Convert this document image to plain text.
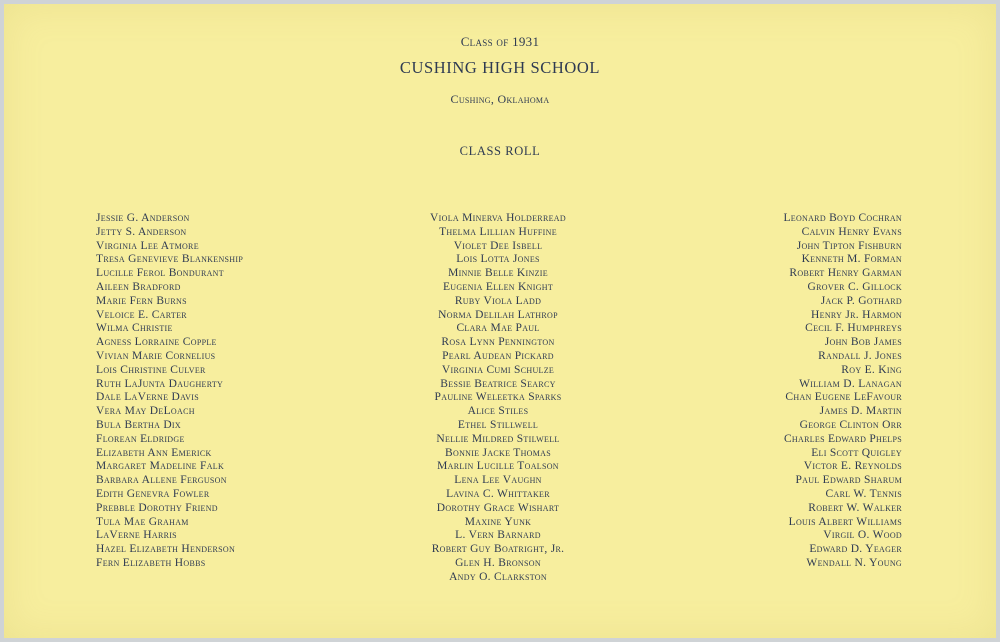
Class of 1931
CUSHING HIGH SCHOOL
Cushing, Oklahoma
CLASS ROLL
Jessie G. Anderson
Jetty S. Anderson
Virginia Lee Atmore
Tresa Genevieve Blankenship
Lucille Ferol Bondurant
Aileen Bradford
Marie Fern Burns
Veloice E. Carter
Wilma Christie
Agness Lorraine Copple
Vivian Marie Cornelius
Lois Christine Culver
Ruth LaJunta Daugherty
Dale LaVerne Davis
Vera May DeLoach
Bula Bertha Dix
Florean Eldridge
Elizabeth Ann Emerick
Margaret Madeline Falk
Barbara Allene Ferguson
Edith Genevra Fowler
Prebble Dorothy Friend
Tula Mae Graham
LaVerne Harris
Hazel Elizabeth Henderson
Fern Elizabeth Hobbs
Viola Minerva Holderread
Thelma Lillian Huffine
Violet Dee Isbell
Lois Lotta Jones
Minnie Belle Kinzie
Eugenia Ellen Knight
Ruby Viola Ladd
Norma Delilah Lathrop
Clara Mae Paul
Rosa Lynn Pennington
Pearl Audean Pickard
Virginia Cumi Schulze
Bessie Beatrice Searcy
Pauline Weleetka Sparks
Alice Stiles
Ethel Stillwell
Nellie Mildred Stilwell
Bonnie Jacke Thomas
Marlin Lucille Toalson
Lena Lee Vaughn
Lavina C. Whittaker
Dorothy Grace Wishart
Maxine Yunk
L. Vern Barnard
Robert Guy Boatright, Jr.
Glen H. Bronson
Andy O. Clarkston
Leonard Boyd Cochran
Calvin Henry Evans
John Tipton Fishburn
Kenneth M. Forman
Robert Henry Garman
Grover C. Gillock
Jack P. Gothard
Henry Jr. Harmon
Cecil F. Humphreys
John Bob James
Randall J. Jones
Roy E. King
William D. Lanagan
Chan Eugene LeFavour
James D. Martin
George Clinton Orr
Charles Edward Phelps
Eli Scott Quigley
Victor E. Reynolds
Paul Edward Sharum
Carl W. Tennis
Robert W. Walker
Louis Albert Williams
Virgil O. Wood
Edward D. Yeager
Wendall N. Young
